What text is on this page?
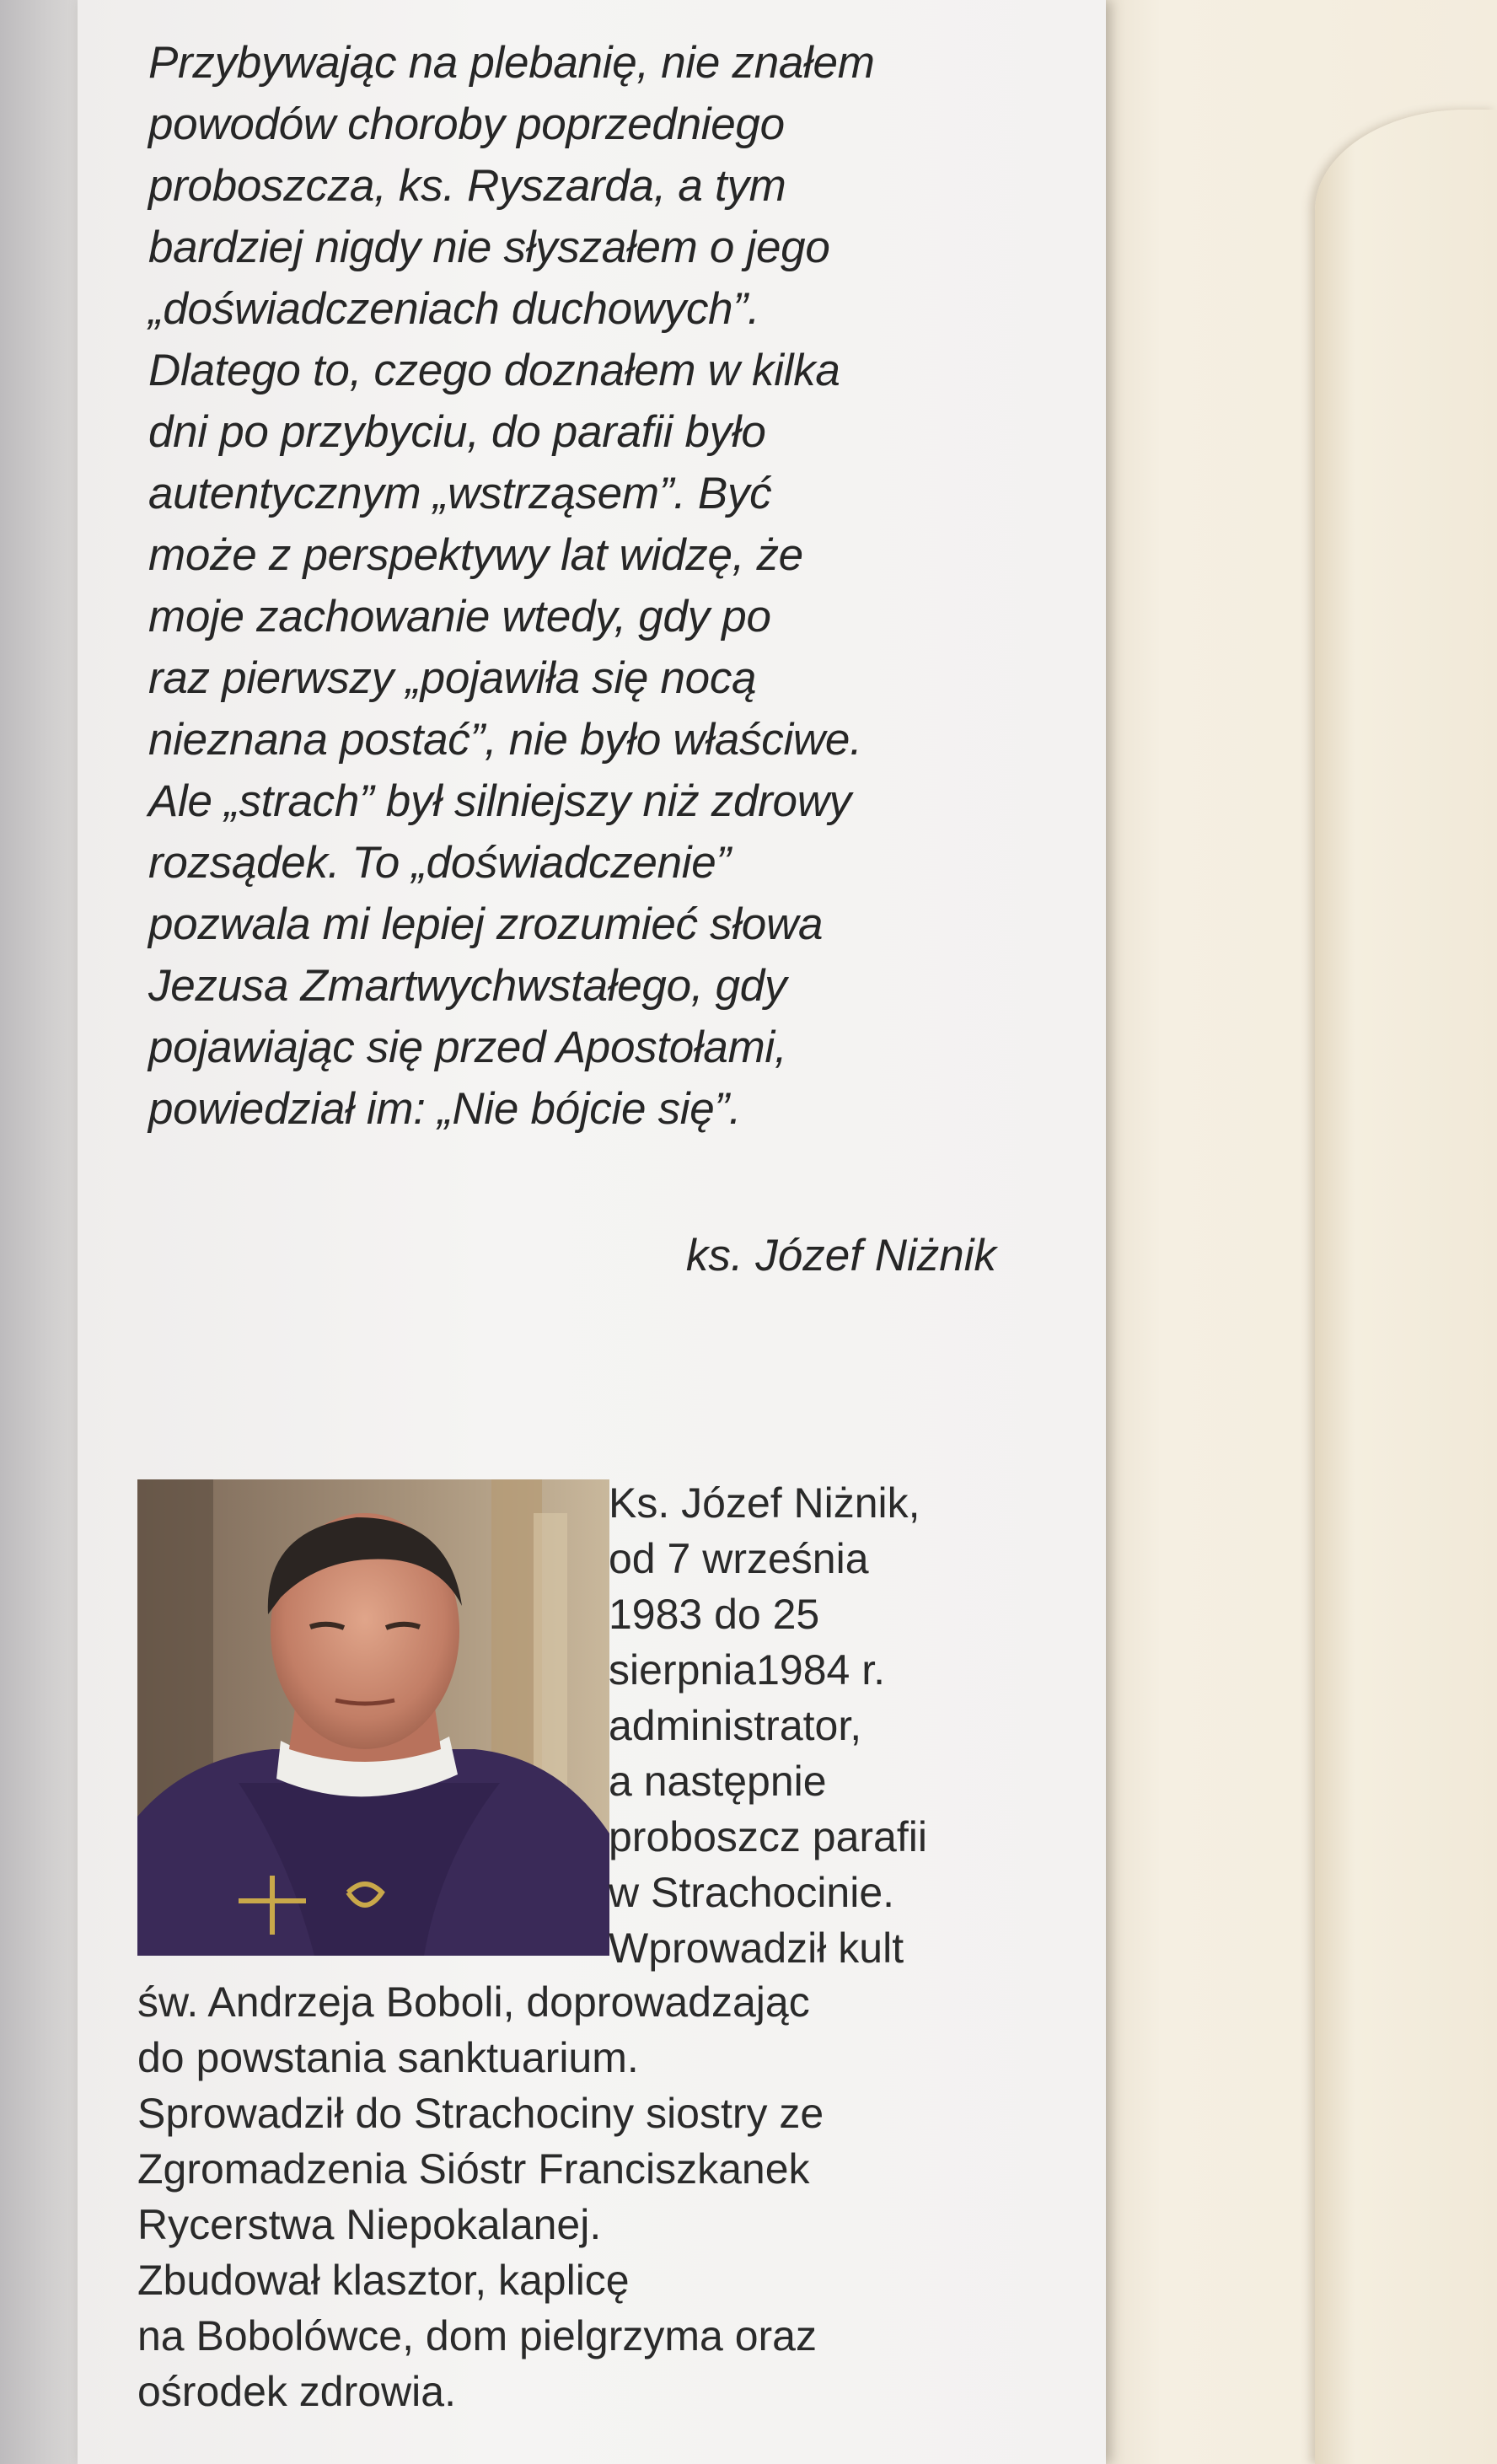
Przybywając na plebanię, nie znałem
powodów choroby poprzedniego
proboszcza, ks. Ryszarda, a tym
bardziej nigdy nie słyszałem o jego
„doświadczeniach duchowych”.
Dlatego to, czego doznałem w kilka
dni po przybyciu, do parafii było
autentycznym „wstrząsem”. Być
może z perspektywy lat widzę, że
moje zachowanie wtedy, gdy po
raz pierwszy „pojawiła się nocą
nieznana postać”, nie było właściwe.
Ale „strach” był silniejszy niż zdrowy
rozsądek. To „doświadczenie”
pozwala mi lepiej zrozumieć słowa
Jezusa Zmartwychwstałego, gdy
pojawiając się przed Apostołami,
powiedział im: „Nie bójcie się”.
ks. Józef Niżnik
Ks. Józef Niżnik,
od 7 września
1983 do 25
sierpnia1984 r.
administrator,
a następnie
proboszcz parafii
w Strachocinie.
Wprowadził kult
św. Andrzeja Boboli, doprowadzając
do powstania sanktuarium.
Sprowadził do Strachociny siostry ze
Zgromadzenia Sióstr Franciszkanek
Rycerstwa Niepokalanej.
Zbudował klasztor, kaplicę
na Bobolówce, dom pielgrzyma oraz
ośrodek zdrowia.
